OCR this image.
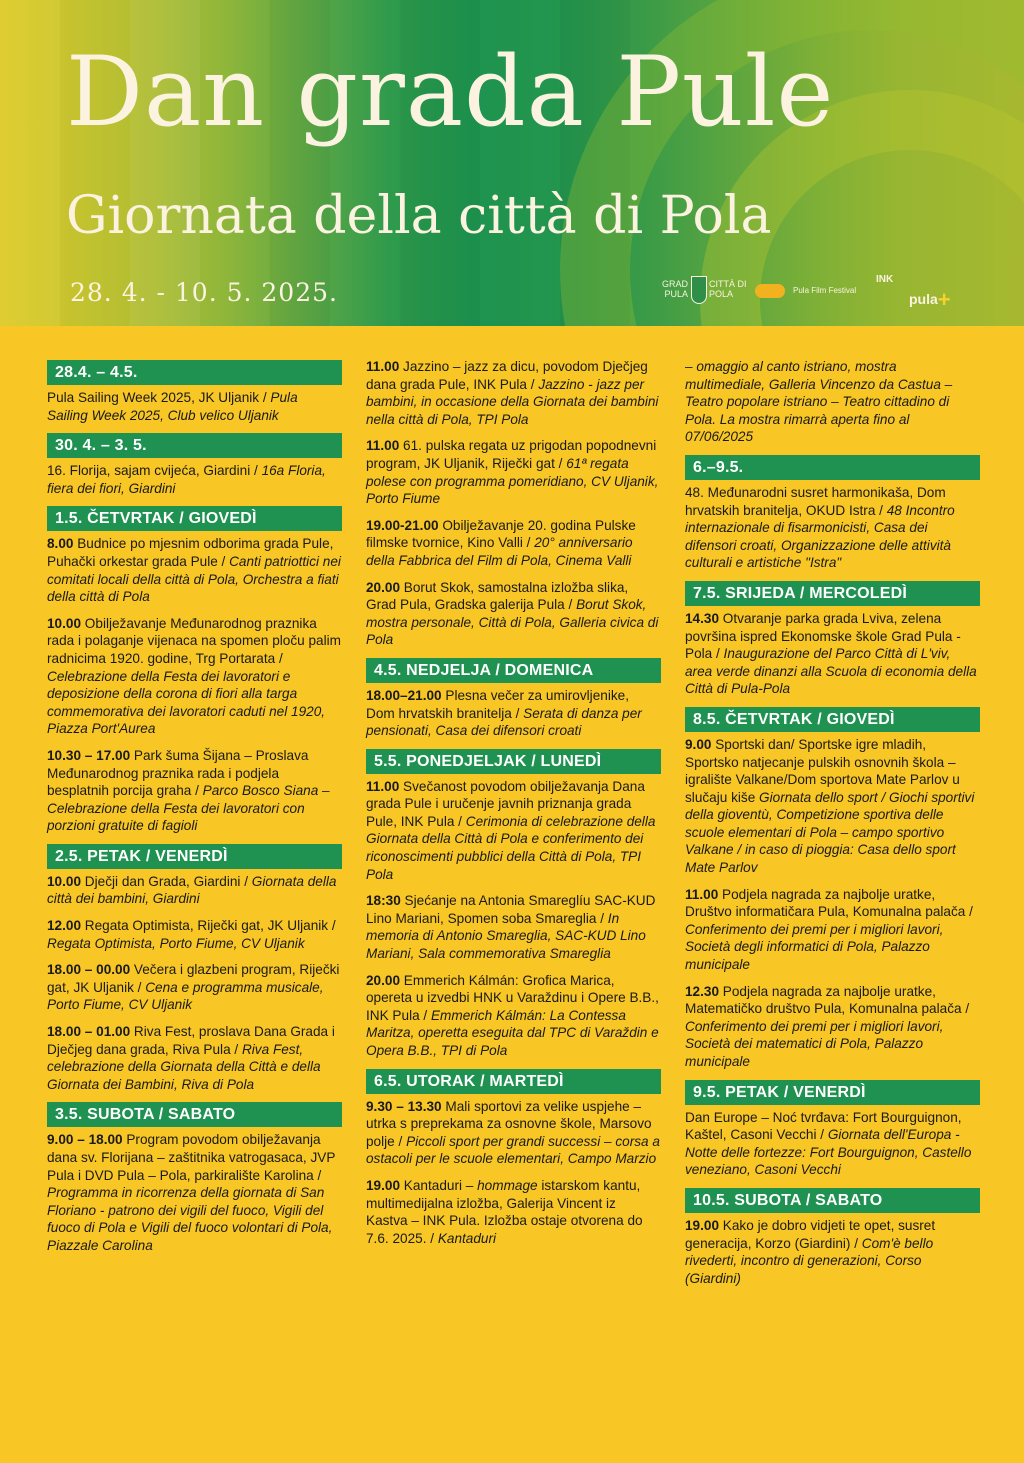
Dan grada Pule
Giornata della città di Pola
28. 4. - 10. 5. 2025.	GRAD
PULA
CITTÀ DI
POLA	Pula Film Festival
INK
pula+
28.4. – 4.5.
Pula Sailing Week 2025, JK Uljanik / Pula Sailing Week 2025, Club velico Uljanik
30. 4. – 3. 5.
16. Florija, sajam cvijeća, Giardini / 16a Floria, fiera dei fiori, Giardini
1.5. ČETVRTAK / GIOVEDÌ
8.00 Budnice po mjesnim odborima grada Pule, Puhački orkestar grada Pule / Canti patriottici nei comitati locali della città di Pola, Orchestra a fiati della città di Pola
10.00 Obilježavanje Međunarodnog praznika rada i polaganje vijenaca na spomen ploču palim radnicima 1920. godine, Trg Portarata / Celebrazione della Festa dei lavoratori e deposizione della corona di fiori alla targa commemorativa dei lavoratori caduti nel 1920, Piazza Port'Aurea
10.30 – 17.00 Park šuma Šijana – Proslava Međunarodnog praznika rada i podjela besplatnih porcija graha / Parco Bosco Siana – Celebrazione della Festa dei lavoratori con porzioni gratuite di fagioli
2.5. PETAK / VENERDÌ
10.00 Dječji dan Grada, Giardini / Giornata della città dei bambini, Giardini
12.00 Regata Optimista, Riječki gat, JK Uljanik / Regata Optimista, Porto Fiume, CV Uljanik
18.00 – 00.00 Večera i glazbeni program, Riječki gat, JK Uljanik / Cena e programma musicale, Porto Fiume, CV Uljanik
18.00 – 01.00 Riva Fest, proslava Dana Grada i Dječjeg dana grada, Riva Pula / Riva Fest, celebrazione della Giornata della Città e della Giornata dei Bambini, Riva di Pola
3.5. SUBOTA / SABATO
9.00 – 18.00 Program povodom obilježavanja dana sv. Florijana – zaštitnika vatrogasaca, JVP Pula i DVD Pula – Pola, parkiralište Karolina / Programma in ricorrenza della giornata di San Floriano - patrono dei vigili del fuoco, Vigili del fuoco di Pola e Vigili del fuoco volontari di Pola, Piazzale Carolina
11.00 Jazzino – jazz za dicu, povodom Dječjeg dana grada Pule, INK Pula / Jazzino - jazz per bambini, in occasione della Giornata dei bambini nella città di Pola, TPI Pola
11.00 61. pulska regata uz prigodan popodnevni program, JK Uljanik, Riječki gat / 61ª regata polese con programma pomeridiano, CV Uljanik, Porto Fiume
19.00-21.00 Obilježavanje 20. godina Pulske filmske tvornice, Kino Valli / 20° anniversario della Fabbrica del Film di Pola, Cinema Valli
20.00 Borut Skok, samostalna izložba slika, Grad Pula, Gradska galerija Pula / Borut Skok, mostra personale, Città di Pola, Galleria civica di Pola
4.5. NEDJELJA / DOMENICA
18.00–21.00 Plesna večer za umirovljenike, Dom hrvatskih branitelja / Serata di danza per pensionati, Casa dei difensori croati
5.5. PONEDJELJAK / LUNEDÌ
11.00 Svečanost povodom obilježavanja Dana grada Pule i uručenje javnih priznanja grada Pule, INK Pula / Cerimonia di celebrazione della Giornata della Città di Pola e conferimento dei riconoscimenti pubblici della Città di Pola, TPI Pola
18:30 Sjećanje na Antonia Smareglíu SAC-KUD Lino Mariani, Spomen soba Smareglia / In memoria di Antonio Smareglia, SAC-KUD Lino Mariani, Sala commemorativa Smareglia
20.00 Emmerich Kálmán: Grofica Marica, opereta u izvedbi HNK u Varaždinu i Opere B.B., INK Pula / Emmerich Kálmán: La Contessa Maritza, operetta eseguita dal TPC di Varaždin e Opera B.B., TPI di Pola
6.5. UTORAK / MARTEDÌ
9.30 – 13.30 Mali sportovi za velike uspjehe – utrka s preprekama za osnovne škole, Marsovo polje / Piccoli sport per grandi successi – corsa a ostacoli per le scuole elementari, Campo Marzio
19.00 Kantaduri – hommage istarskom kantu, multimedijalna izložba, Galerija Vincent iz Kastva – INK Pula. Izložba ostaje otvorena do 7.6. 2025. / Kantaduri
– omaggio al canto istriano, mostra multimediale, Galleria Vincenzo da Castua –Teatro popolare istriano – Teatro cittadino di Pola. La mostra rimarrà aperta fino al 07/06/2025
6.–9.5.
48. Međunarodni susret harmonikaša, Dom hrvatskih branitelja, OKUD Istra / 48 Incontro internazionale di fisarmonicisti, Casa dei difensori croati, Organizzazione delle attività culturali e artistiche "Istra"
7.5. SRIJEDA / MERCOLEDÌ
14.30 Otvaranje parka grada Lviva, zelena površina ispred Ekonomske škole Grad Pula - Pola / Inaugurazione del Parco Città di L'viv, area verde dinanzi alla Scuola di economia della Città di Pula-Pola
8.5. ČETVRTAK / GIOVEDÌ
9.00 Sportski dan/ Sportske igre mladih, Sportsko natjecanje pulskih osnovnih škola – igralište Valkane/Dom sportova Mate Parlov u slučaju kiše Giornata dello sport / Giochi sportivi della gioventù, Competizione sportiva delle scuole elementari di Pola – campo sportivo Valkane / in caso di pioggia: Casa dello sport Mate Parlov
11.00 Podjela nagrada za najbolje uratke, Društvo informatičara Pula, Komunalna palača / Conferimento dei premi per i migliori lavori, Società degli informatici di Pola, Palazzo municipale
12.30 Podjela nagrada za najbolje uratke, Matematičko društvo Pula, Komunalna palača / Conferimento dei premi per i migliori lavori, Società dei matematici di Pola, Palazzo municipale
9.5. PETAK / VENERDÌ
Dan Europe – Noć tvrđava: Fort Bourguignon, Kaštel, Casoni Vecchi / Giornata dell'Europa - Notte delle fortezze: Fort Bourguignon, Castello veneziano, Casoni Vecchi
10.5. SUBOTA / SABATO
19.00 Kako je dobro vidjeti te opet, susret generacija, Korzo (Giardini) / Com'è bello rivederti, incontro di generazioni, Corso (Giardini)
